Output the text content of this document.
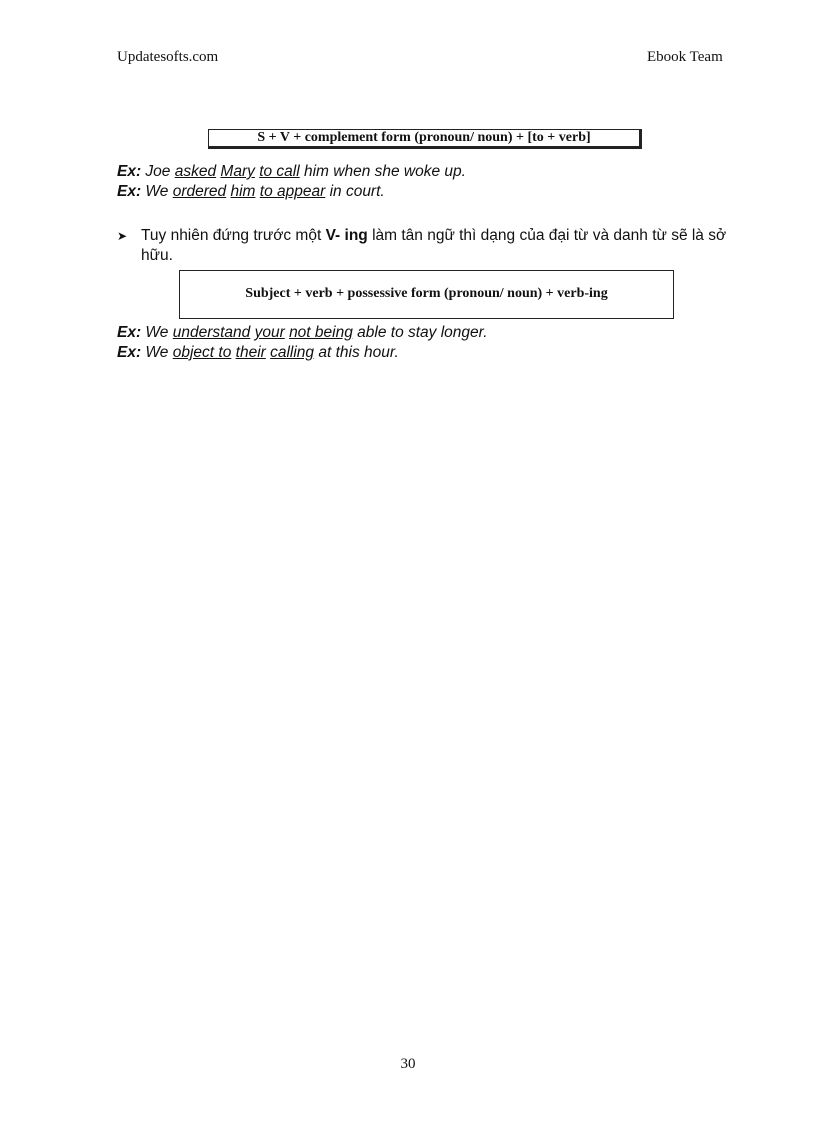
Updatesofts.com	Ebook Team
S + V + complement form (pronoun/ noun) + [to + verb]
Ex: Joe asked Mary to call him when she woke up.
Ex: We ordered him to appear in court.
➤ Tuy nhiên đứng trước một V- ing làm tân ngữ thì dạng của đại từ và danh từ sẽ là sở hữu.
Subject + verb + possessive form (pronoun/ noun) + verb-ing
Ex: We understand your not being able to stay longer.
Ex: We object to their calling at this hour.
30
